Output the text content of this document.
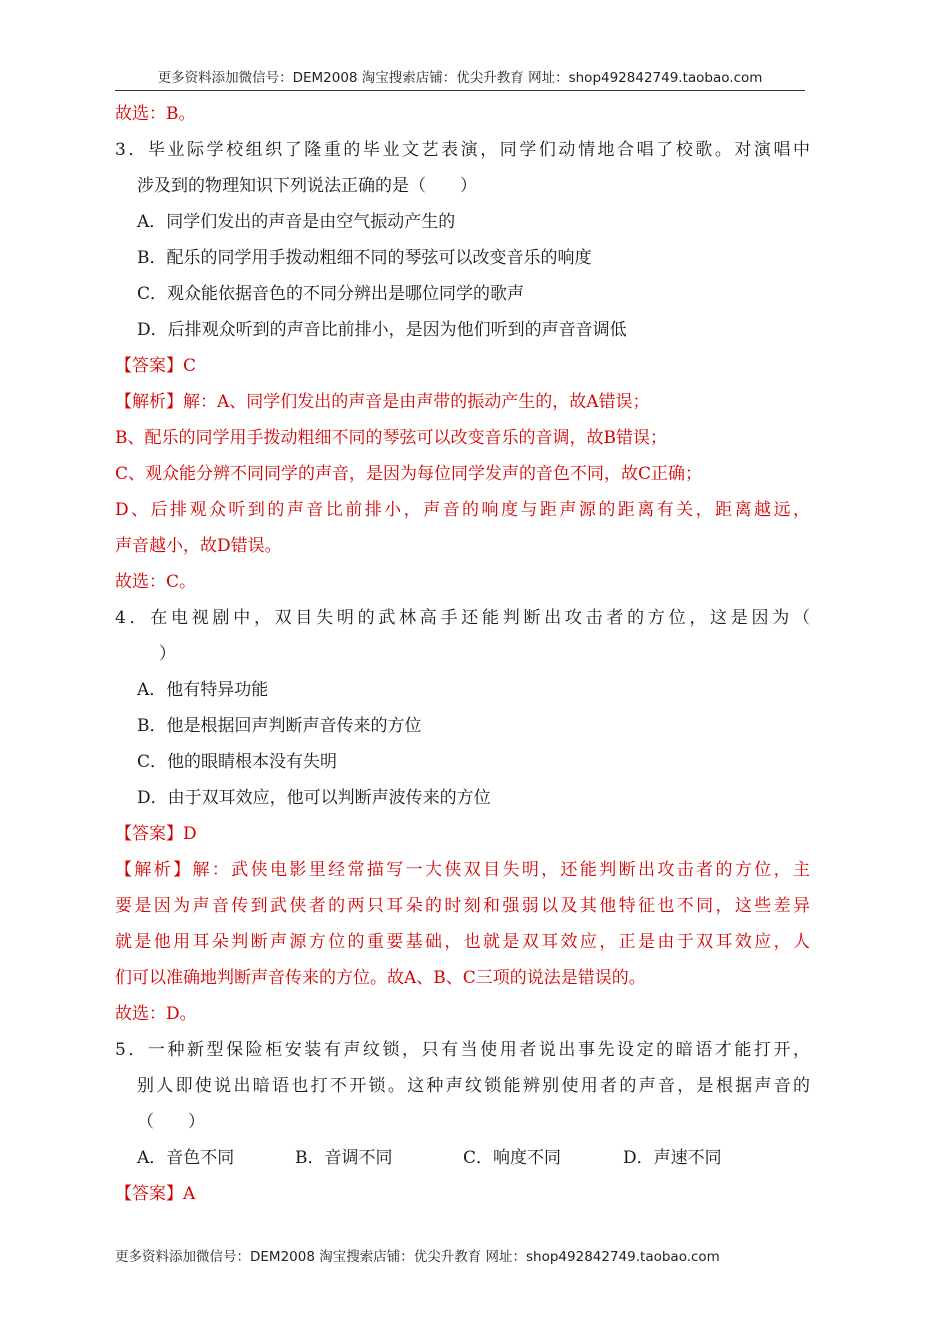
更多资料添加微信号：DEM2008 淘宝搜索店铺：优尖升教育 网址：shop492842749.taobao.com
故选：B。
3．毕业际学校组织了隆重的毕业文艺表演，同学们动情地合唱了校歌。对演唱中
涉及到的物理知识下列说法正确的是（　　）
A．同学们发出的声音是由空气振动产生的
B．配乐的同学用手拨动粗细不同的琴弦可以改变音乐的响度
C．观众能依据音色的不同分辨出是哪位同学的歌声
D．后排观众听到的声音比前排小，是因为他们听到的声音音调低
【答案】C
【解析】解：A、同学们发出的声音是由声带的振动产生的，故A错误；
B、配乐的同学用手拨动粗细不同的琴弦可以改变音乐的音调，故B错误；
C、观众能分辨不同同学的声音，是因为每位同学发声的音色不同，故C正确；
D、后排观众听到的声音比前排小，声音的响度与距声源的距离有关，距离越远，
声音越小，故D错误。
故选：C。
4．在电视剧中，双目失明的武林高手还能判断出攻击者的方位，这是因为（
）
A．他有特异功能
B．他是根据回声判断声音传来的方位
C．他的眼睛根本没有失明
D．由于双耳效应，他可以判断声波传来的方位
【答案】D
【解析】解：武侠电影里经常描写一大侠双目失明，还能判断出攻击者的方位，主
要是因为声音传到武侠者的两只耳朵的时刻和强弱以及其他特征也不同，这些差异
就是他用耳朵判断声源方位的重要基础，也就是双耳效应，正是由于双耳效应，人
们可以准确地判断声音传来的方位。故A、B、C三项的说法是错误的。
故选：D。
5．一种新型保险柜安装有声纹锁，只有当使用者说出事先设定的暗语才能打开，
别人即使说出暗语也打不开锁。这种声纹锁能辨别使用者的声音，是根据声音的
（　　）
A．音色不同	B．音调不同	C．响度不同	D．声速不同
【答案】A
更多资料添加微信号：DEM2008 淘宝搜索店铺：优尖升教育 网址：shop492842749.taobao.com
